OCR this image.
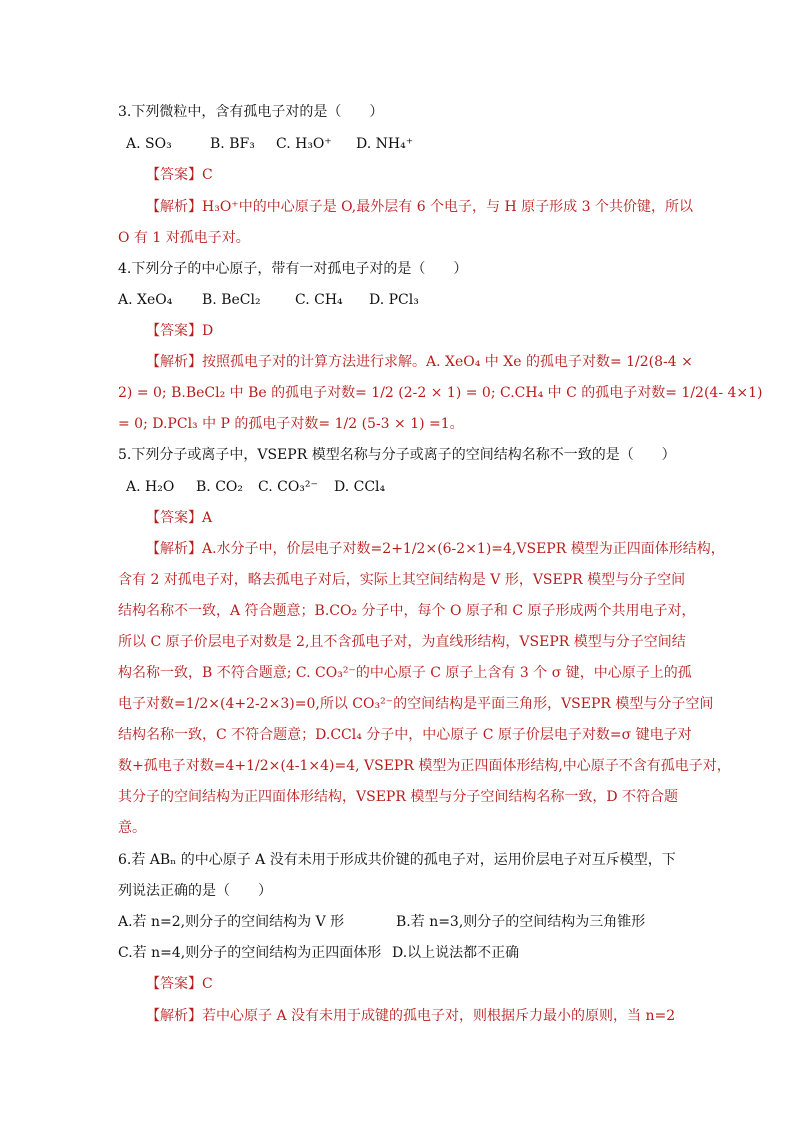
3.下列微粒中，含有孤电子对的是（　　）
A. SO₃	B. BF₃ C. H₃O⁺ D. NH₄⁺
【答案】C
【解析】H₃O⁺中的中心原子是 O,最外层有 6 个电子，与 H 原子形成 3 个共价键，所以
O 有 1 对孤电子对。
4.下列分子的中心原子，带有一对孤电子对的是（　　）
A. XeO₄ B. BeCl₂ C. CH₄ D. PCl₃
【答案】D
【解析】按照孤电子对的计算方法进行求解。A. XeO₄ 中 Xe 的孤电子对数= 1/2(8-4 ×
2) = 0; B.BeCl₂ 中 Be 的孤电子对数= 1/2 (2-2 × 1) = 0; C.CH₄ 中 C 的孤电子对数= 1/2(4- 4×1)
= 0; D.PCl₃ 中 P 的孤电子对数= 1/2 (5-3 × 1) =1。
5.下列分子或离子中，VSEPR 模型名称与分子或离子的空间结构名称不一致的是（　　）
A. H₂O B. CO₂ C. CO₃²⁻ D. CCl₄
【答案】A
【解析】A.水分子中，价层电子对数=2+1/2×(6-2×1)=4,VSEPR 模型为正四面体形结构，
含有 2 对孤电子对，略去孤电子对后，实际上其空间结构是 V 形，VSEPR 模型与分子空间
结构名称不一致，A 符合题意；B.CO₂ 分子中，每个 O 原子和 C 原子形成两个共用电子对，
所以 C 原子价层电子对数是 2,且不含孤电子对，为直线形结构，VSEPR 模型与分子空间结
构名称一致，B 不符合题意; C. CO₃²⁻的中心原子 C 原子上含有 3 个 σ 键，中心原子上的孤
电子对数=1/2×(4+2-2×3)=0,所以 CO₃²⁻的空间结构是平面三角形，VSEPR 模型与分子空间
结构名称一致，C 不符合题意；D.CCl₄ 分子中，中心原子 C 原子价层电子对数=σ 键电子对
数+孤电子对数=4+1/2×(4-1×4)=4, VSEPR 模型为正四面体形结构,中心原子不含有孤电子对，
其分子的空间结构为正四面体形结构，VSEPR 模型与分子空间结构名称一致，D 不符合题
意。
6.若 ABₙ 的中心原子 A 没有未用于形成共价键的孤电子对，运用价层电子对互斥模型，下
列说法正确的是（　　）
A.若 n=2,则分子的空间结构为 V 形	B.若 n=3,则分子的空间结构为三角锥形
C.若 n=4,则分子的空间结构为正四面体形 D.以上说法都不正确
【答案】C
【解析】若中心原子 A 没有未用于成键的孤电子对，则根据斥力最小的原则，当 n=2
